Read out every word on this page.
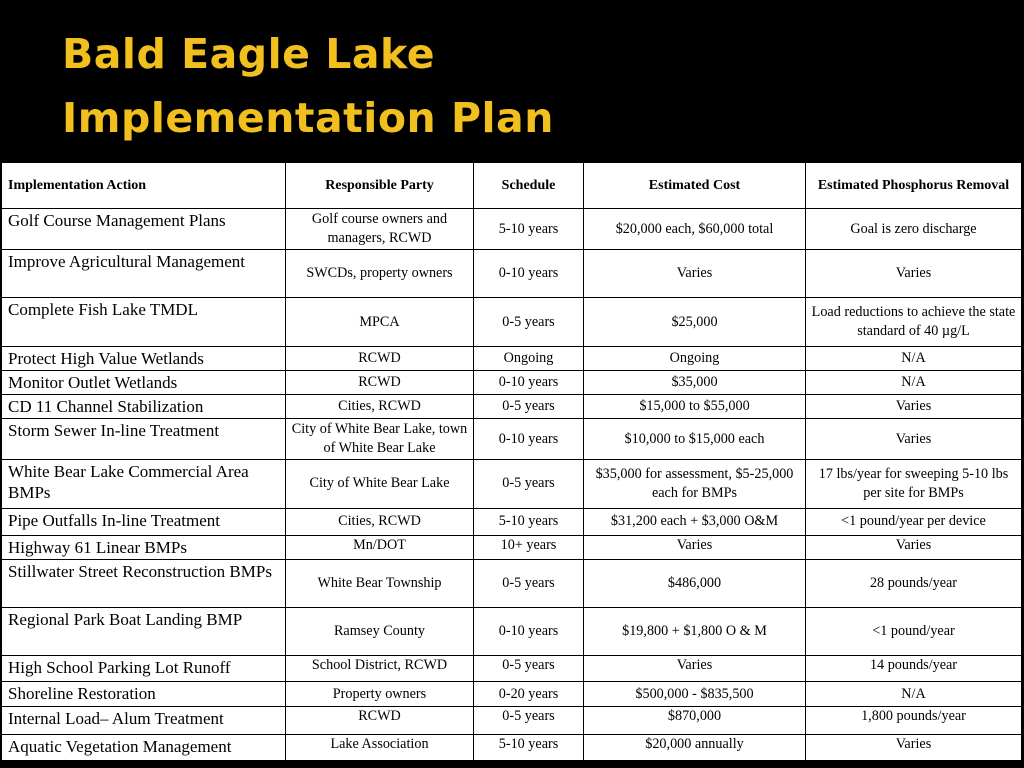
Bald Eagle Lake
Implementation Plan
Implementation Action	Responsible Party	Schedule	Estimated Cost	Estimated Phosphorus Removal
Golf Course Management Plans	Golf course owners and managers, RCWD	5-10 years	$20,000 each, $60,000 total	Goal is zero discharge
Improve Agricultural Management	SWCDs, property owners	0-10 years	Varies	Varies
Complete Fish Lake TMDL	MPCA	0-5 years	$25,000	Load reductions to achieve the state standard of 40 µg/L
Protect High Value Wetlands	RCWD	Ongoing	Ongoing	N/A
Monitor Outlet Wetlands	RCWD	0-10 years	$35,000	N/A
CD 11 Channel Stabilization	Cities, RCWD	0-5 years	$15,000 to $55,000	Varies
Storm Sewer In-line Treatment	City of White Bear Lake, town of White Bear Lake	0-10 years	$10,000 to $15,000 each	Varies
White Bear Lake Commercial Area BMPs	City of White Bear Lake	0-5 years	$35,000 for assessment, $5-25,000 each for BMPs	17 lbs/year for sweeping 5-10 lbs per site for BMPs
Pipe Outfalls In-line Treatment	Cities, RCWD	5-10 years	$31,200 each + $3,000 O&M	<1 pound/year per device
Highway 61 Linear BMPs	Mn/DOT	10+ years	Varies	Varies
Stillwater Street Reconstruction BMPs	White Bear Township	0-5 years	$486,000	28 pounds/year
Regional Park Boat Landing BMP	Ramsey County	0-10 years	$19,800 + $1,800 O & M	<1 pound/year
High School Parking Lot Runoff	School District, RCWD	0-5 years	Varies	14 pounds/year
Shoreline Restoration	Property owners	0-20 years	$500,000 - $835,500	N/A
Internal Load– Alum Treatment	RCWD	0-5 years	$870,000	1,800 pounds/year
Aquatic Vegetation Management	Lake Association	5-10 years	$20,000 annually	Varies
